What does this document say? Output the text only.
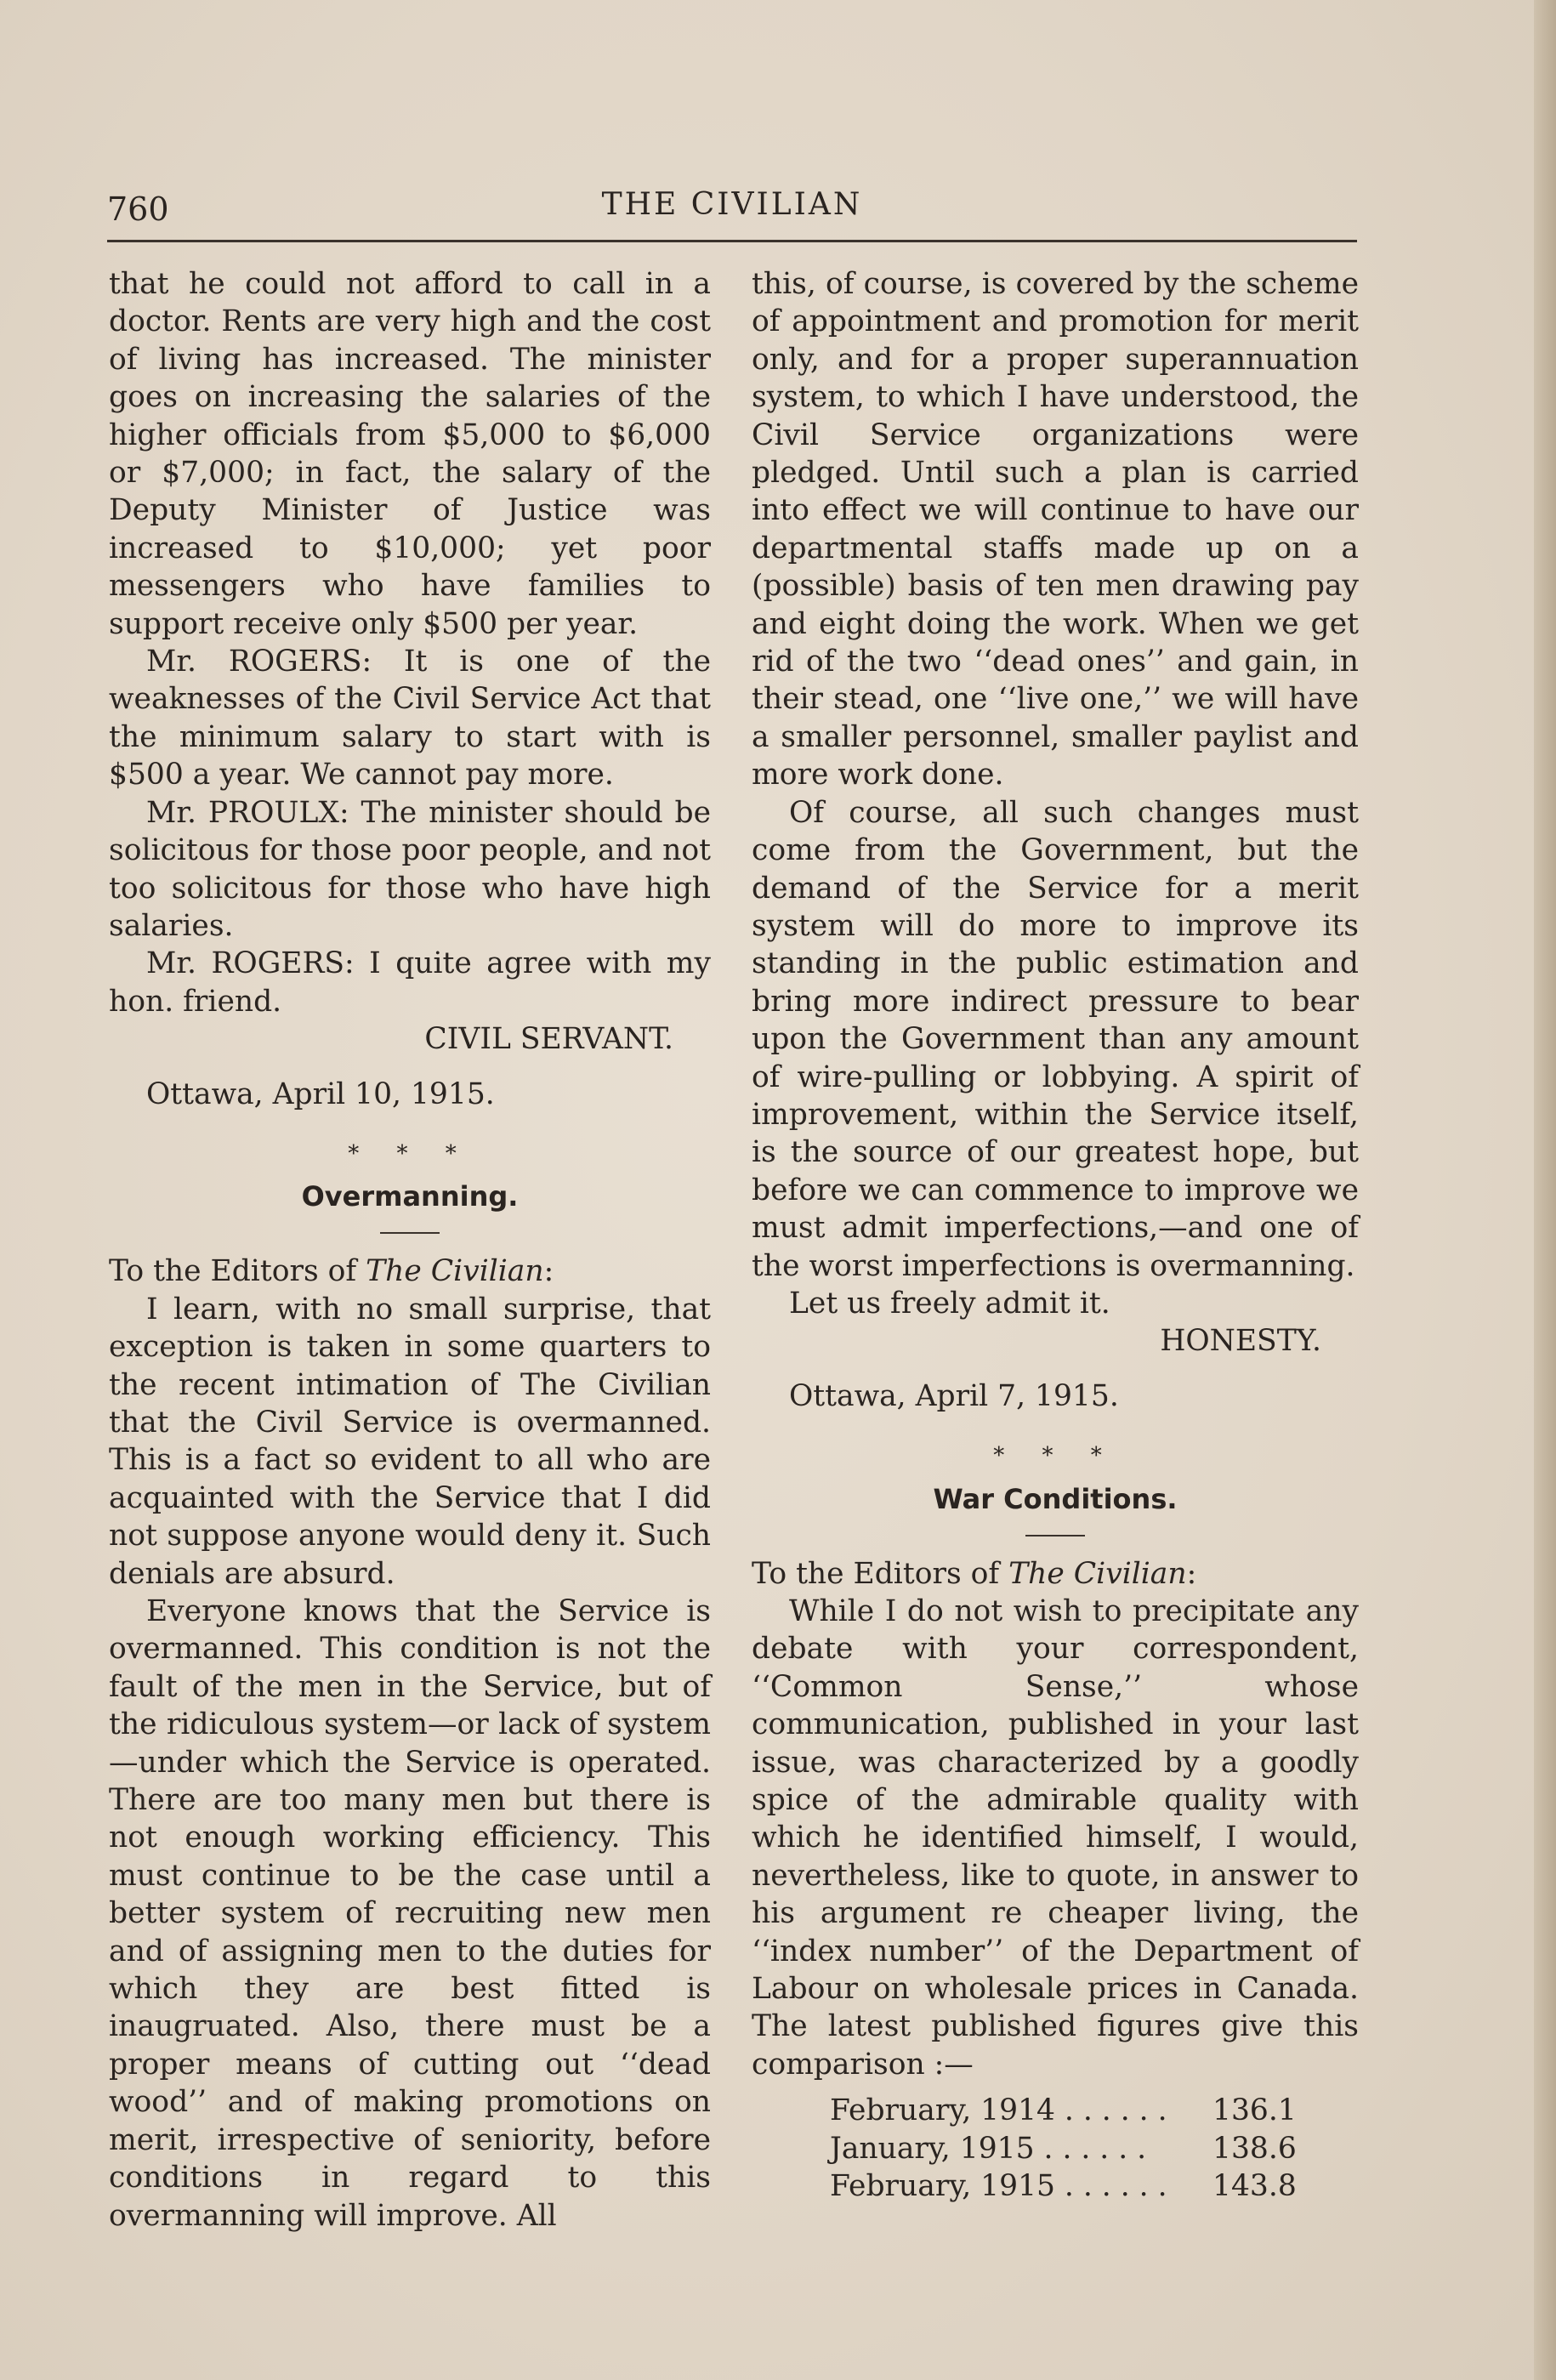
760	THE CIVILIAN

that he could not afford to call in a doctor. Rents are very high and the cost of living has increased. The minister goes on increasing the salaries of the higher officials from $5,000 to $6,000 or $7,000; in fact, the salary of the Deputy Minister of Justice was increased to $10,000; yet poor messengers who have families to support receive only $500 per year.

Mr. ROGERS: It is one of the weaknesses of the Civil Service Act that the minimum salary to start with is $500 a year. We cannot pay more.

Mr. PROULX: The minister should be solicitous for those poor people, and not too solicitous for those who have high salaries.

Mr. ROGERS: I quite agree with my hon. friend.

CIVIL SERVANT.

Ottawa, April 10, 1915.

* * *
Overmanning.

To the Editors of The Civilian:

I learn, with no small surprise, that exception is taken in some quarters to the recent intimation of The Civilian that the Civil Service is overmanned. This is a fact so evident to all who are acquainted with the Service that I did not suppose anyone would deny it. Such denials are absurd.

Everyone knows that the Service is overmanned. This condition is not the fault of the men in the Service, but of the ridiculous system—or lack of system—under which the Service is operated. There are too many men but there is not enough working efficiency. This must continue to be the case until a better system of recruiting new men and of assigning men to the duties for which they are best fitted is inaugruated. Also, there must be a proper means of cutting out ‘‘dead wood’’ and of making promotions on merit, irrespective of seniority, before conditions in regard to this overmanning will improve. All

this, of course, is covered by the scheme of appointment and promotion for merit only, and for a proper superannuation system, to which I have understood, the Civil Service organizations were pledged. Until such a plan is carried into effect we will continue to have our departmental staffs made up on a (possible) basis of ten men drawing pay and eight doing the work. When we get rid of the two ‘‘dead ones’’ and gain, in their stead, one ‘‘live one,’’ we will have a smaller personnel, smaller paylist and more work done.

Of course, all such changes must come from the Government, but the demand of the Service for a merit system will do more to improve its standing in the public estimation and bring more indirect pressure to bear upon the Government than any amount of wire-pulling or lobbying. A spirit of improvement, within the Service itself, is the source of our greatest hope, but before we can commence to improve we must admit imperfections,—and one of the worst imperfections is overmanning.

Let us freely admit it.

HONESTY.

Ottawa, April 7, 1915.

* * *
War Conditions.

To the Editors of The Civilian:

While I do not wish to precipitate any debate with your correspondent, ‘‘Common Sense,’’ whose communication, published in your last issue, was characterized by a goodly spice of the admirable quality with which he identified himself, I would, nevertheless, like to quote, in answer to his argument re cheaper living, the ‘‘index number’’ of the Department of Labour on wholesale prices in Canada. The latest published figures give this comparison :—

February, 1914 . . . . . .	136.1
January, 1915 . . . . . .	138.6
February, 1915 . . . . . .	143.8
